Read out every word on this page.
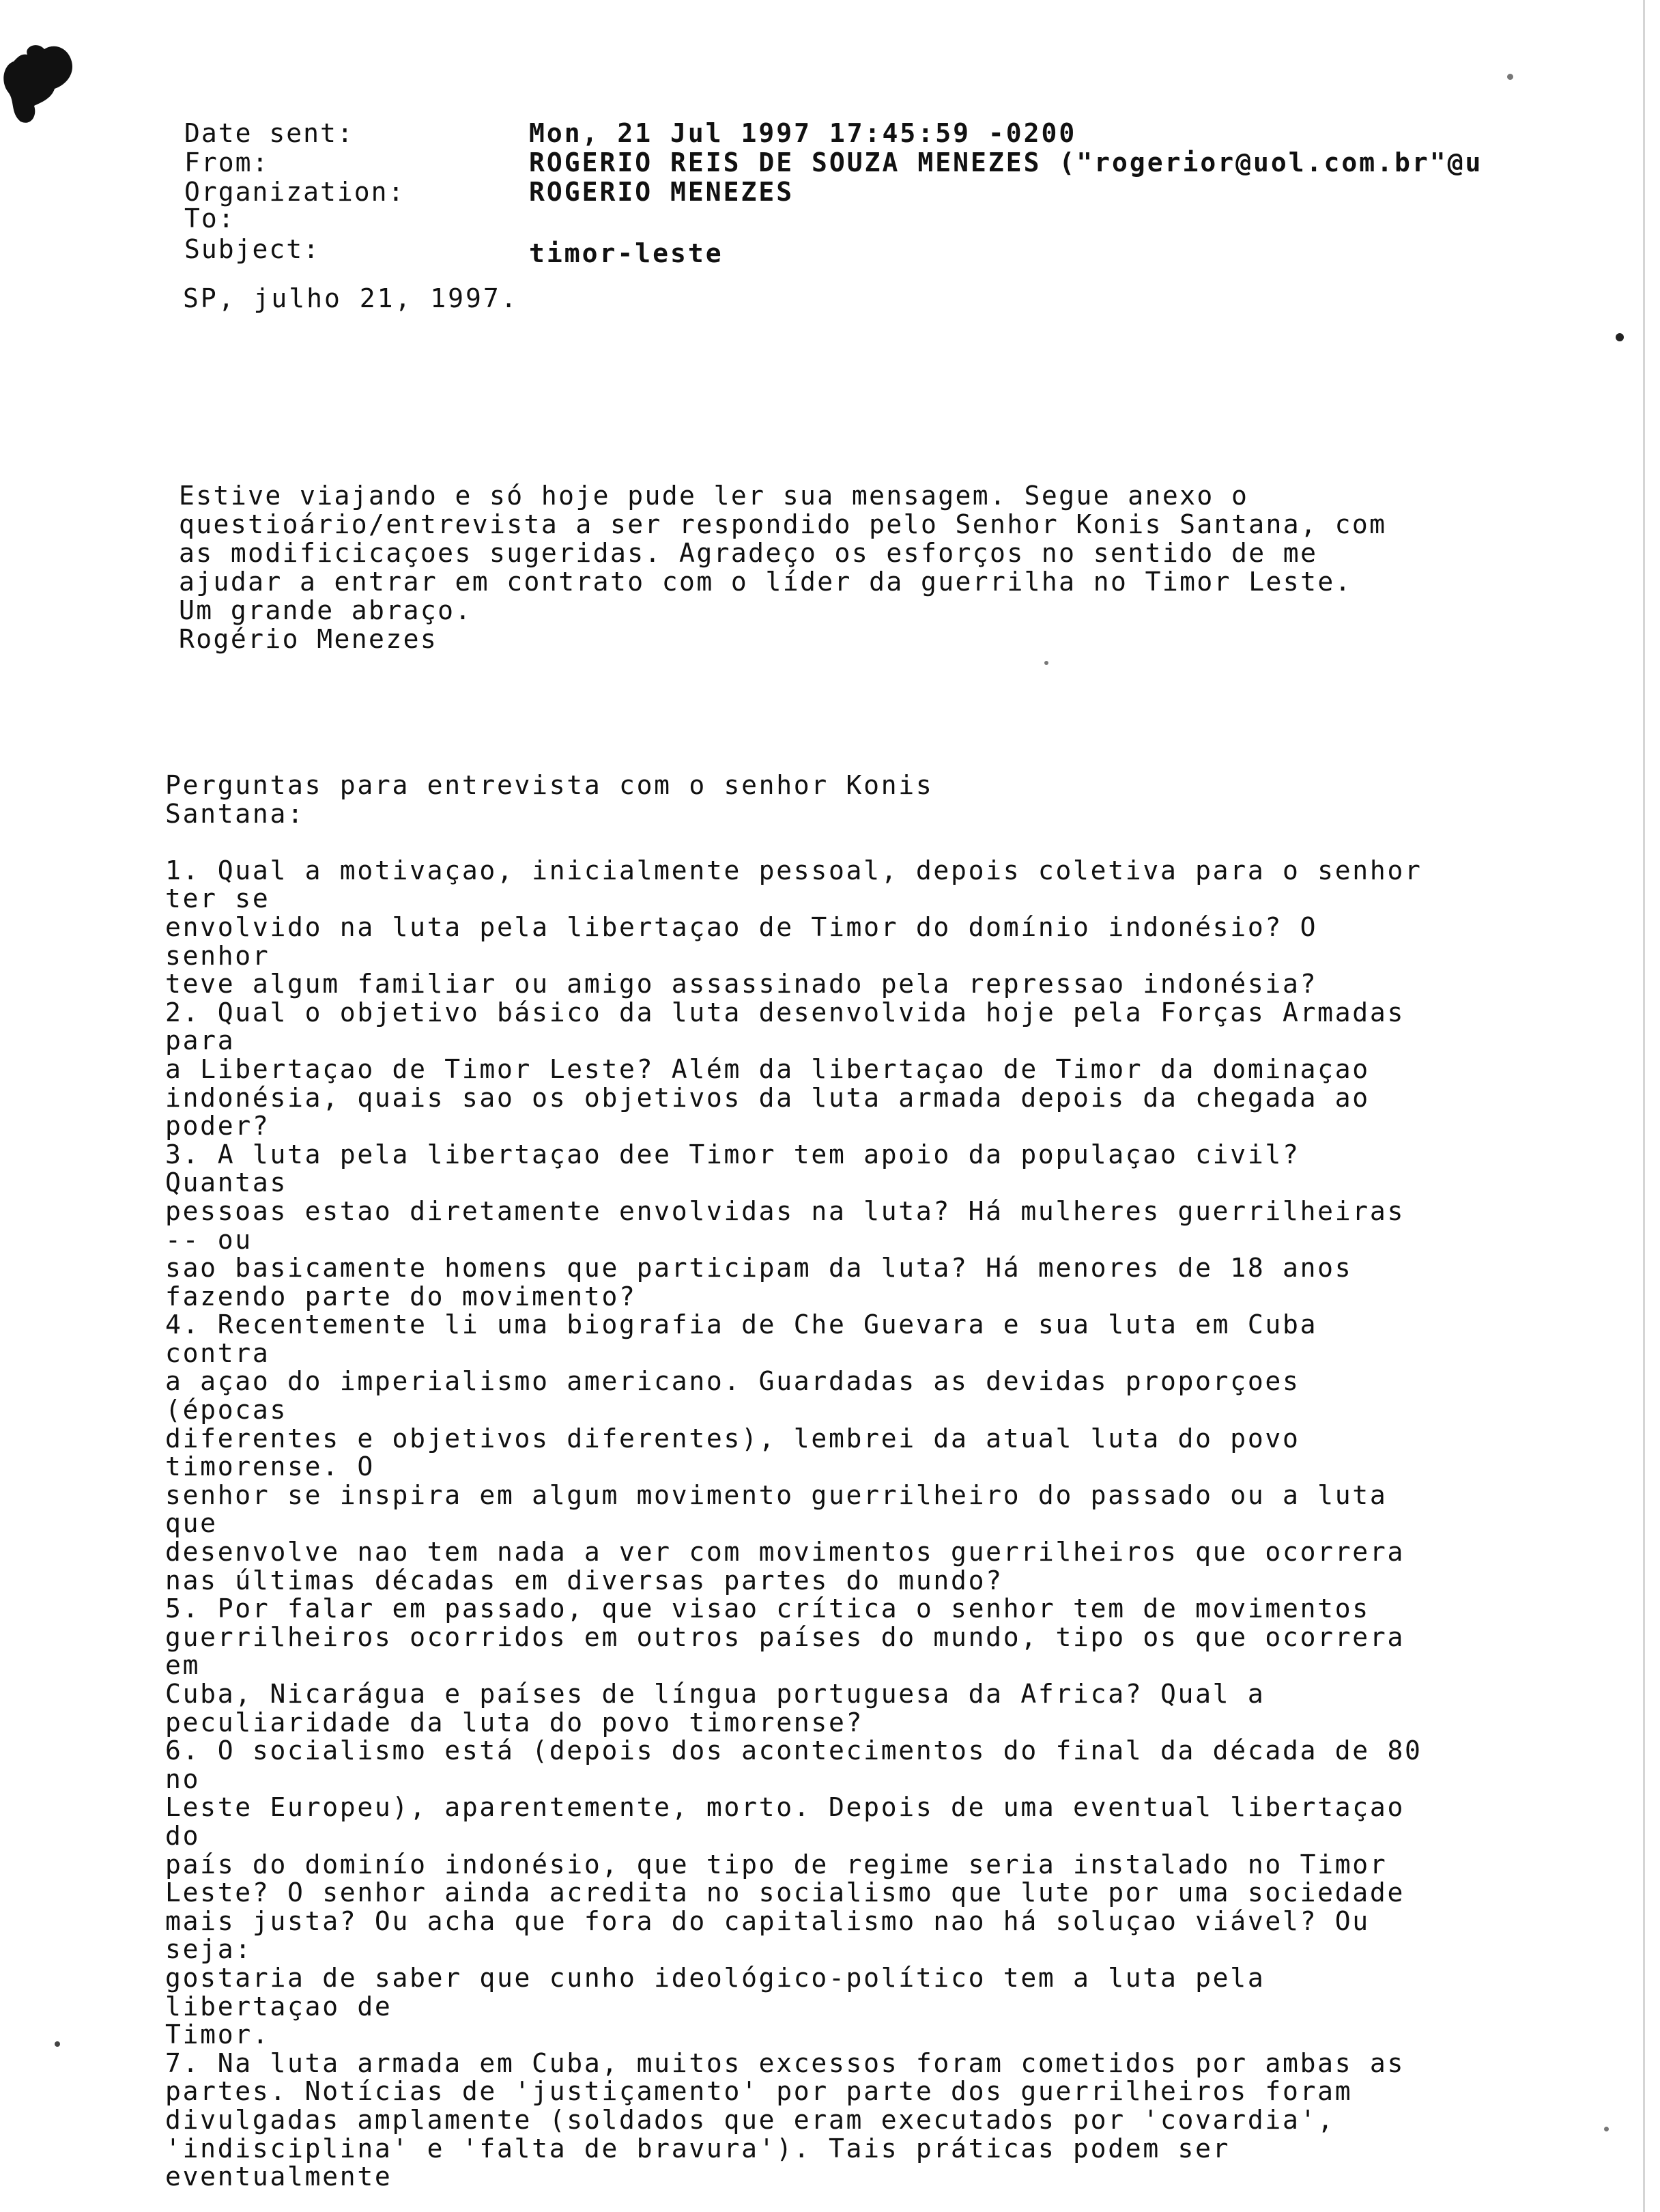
Date sent:

	Mon, 21 Jul 1997 17:45:59 -0200

From:

	ROGERIO REIS DE SOUZA MENEZES ("rogerior@uol.com.br"@u

Organization:

	ROGERIO MENEZES

To:

Subject:

	timor-leste

SP, julho 21, 1997.

Estive viajando e só hoje pude ler sua mensagem. Segue anexo o
questioário/entrevista a ser respondido pelo Senhor Konis Santana, com
as modificicaçoes sugeridas. Agradeço os esforços no sentido de me
ajudar a entrar em contrato com o líder da guerrilha no Timor Leste.
Um grande abraço.
Rogério Menezes
Perguntas para entrevista com o senhor Konis
Santana:

1. Qual a motivaçao, inicialmente pessoal, depois coletiva para o senhor
ter se
envolvido na luta pela libertaçao de Timor do domínio indonésio? O
senhor
teve algum familiar ou amigo assassinado pela repressao indonésia?
2. Qual o objetivo básico da luta desenvolvida hoje pela Forças Armadas
para
a Libertaçao de Timor Leste? Além da libertaçao de Timor da dominaçao
indonésia, quais sao os objetivos da luta armada depois da chegada ao
poder?
3. A luta pela libertaçao dee Timor tem apoio da populaçao civil?
Quantas
pessoas estao diretamente envolvidas na luta? Há mulheres guerrilheiras
-- ou
sao basicamente homens que participam da luta? Há menores de 18 anos
fazendo parte do movimento?
4. Recentemente li uma biografia de Che Guevara e sua luta em Cuba
contra
a açao do imperialismo americano. Guardadas as devidas proporçoes
(épocas
diferentes e objetivos diferentes), lembrei da atual luta do povo
timorense. O
senhor se inspira em algum movimento guerrilheiro do passado ou a luta
que
desenvolve nao tem nada a ver com movimentos guerrilheiros que ocorrera
nas últimas décadas em diversas partes do mundo?
5. Por falar em passado, que visao crítica o senhor tem de movimentos
guerrilheiros ocorridos em outros países do mundo, tipo os que ocorrera
em
Cuba, Nicarágua e países de língua portuguesa da Africa? Qual a
peculiaridade da luta do povo timorense?
6. O socialismo está (depois dos acontecimentos do final da década de 80
no
Leste Europeu), aparentemente, morto. Depois de uma eventual libertaçao
do
país do dominío indonésio, que tipo de regime seria instalado no Timor
Leste? O senhor ainda acredita no socialismo que lute por uma sociedade
mais justa? Ou acha que fora do capitalismo nao há soluçao viável? Ou
seja:
gostaria de saber que cunho ideológico-político tem a luta pela
libertaçao de
Timor.
7. Na luta armada em Cuba, muitos excessos foram cometidos por ambas as
partes. Notícias de 'justiçamento' por parte dos guerrilheiros foram
divulgadas amplamente (soldados que eram executados por 'covardia',
'indisciplina' e 'falta de bravura'). Tais práticas podem ser
eventualmente
